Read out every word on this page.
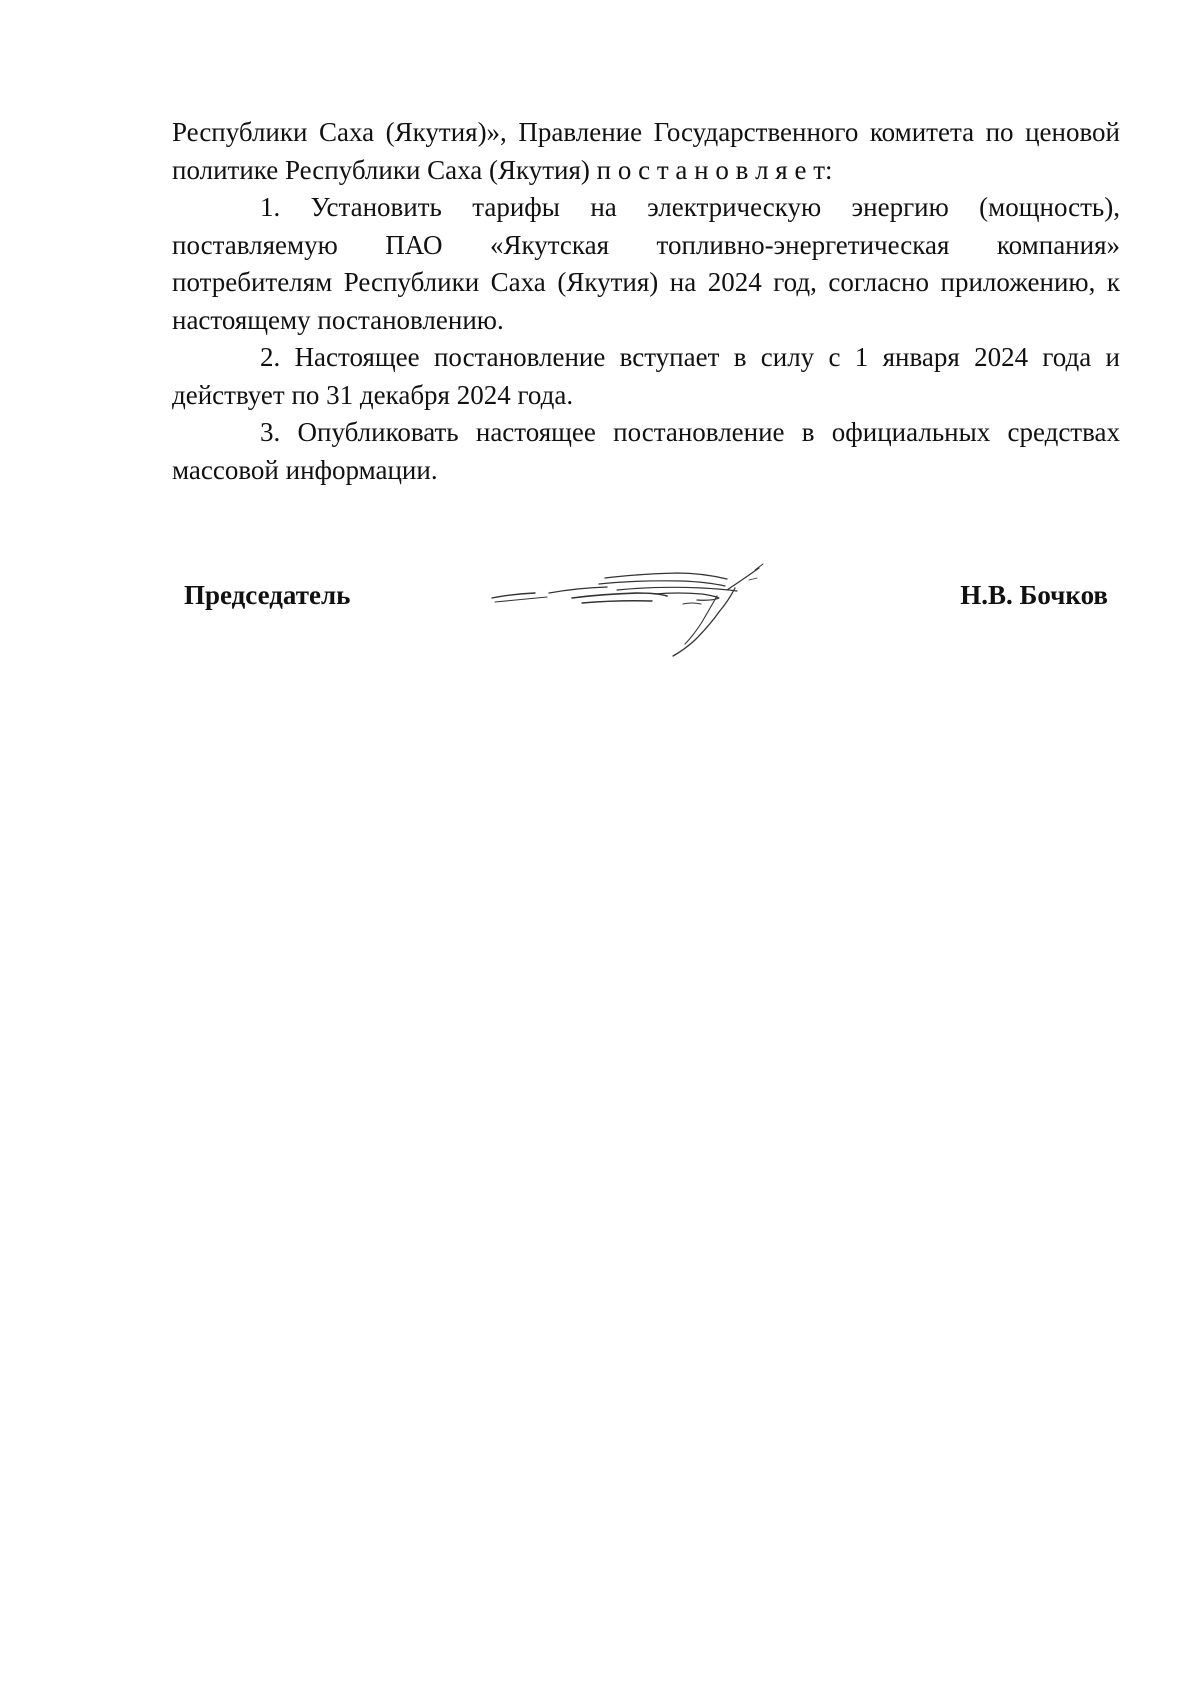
Республики Саха (Якутия)», Правление Государственного комитета по ценовой политике Республики Саха (Якутия) п о с т а н о в л я е т:

1. Установить тарифы на электрическую энергию (мощность), поставляемую ПАО «Якутская топливно-энергетическая компания» потребителям Республики Саха (Якутия) на 2024 год, согласно приложению, к настоящему постановлению.

2. Настоящее постановление вступает в силу с 1 января 2024 года и действует по 31 декабря 2024 года.

3. Опубликовать настоящее постановление в официальных средствах массовой информации.

Председатель	Н.В. Бочков
